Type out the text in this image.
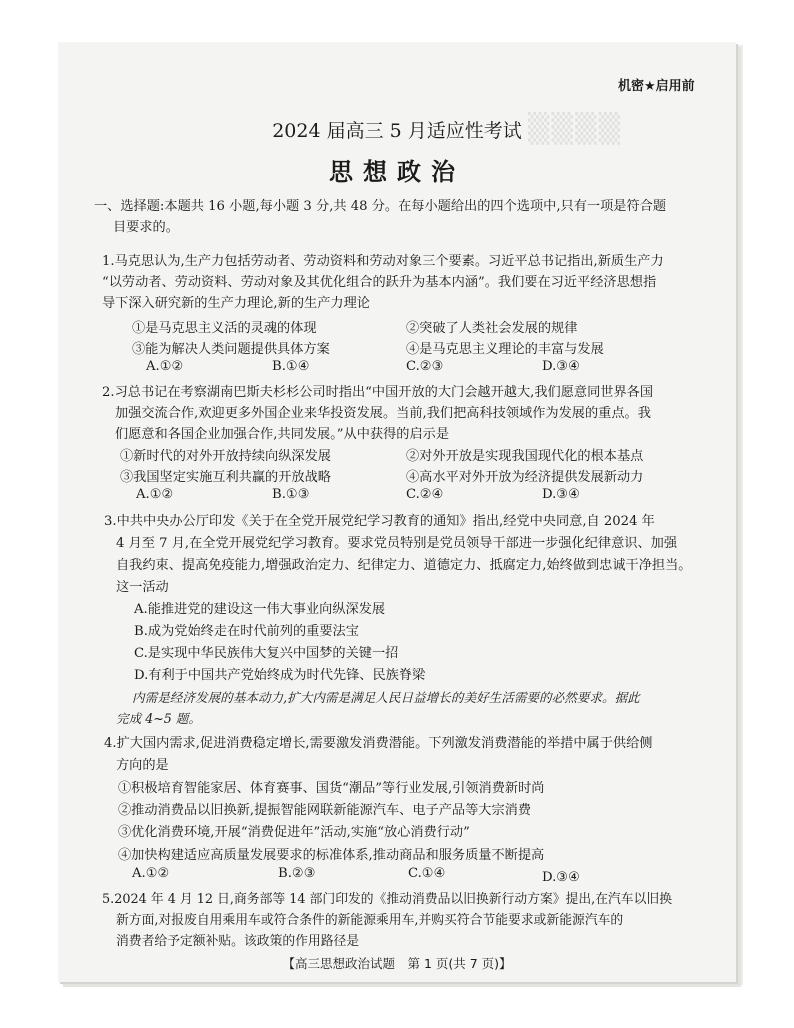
▒▒▒▒
机密★启用前
2024 届高三 5 月适应性考试
思想政治
一、选择题:本题共 16 小题,每小题 3 分,共 48 分。在每小题给出的四个选项中,只有一项是符合题
目要求的。
1.马克思认为,生产力包括劳动者、劳动资料和劳动对象三个要素。习近平总书记指出,新质生产力
“以劳动者、劳动资料、劳动对象及其优化组合的跃升为基本内涵”。我们要在习近平经济思想指
导下深入研究新的生产力理论,新的生产力理论
①是马克思主义活的灵魂的体现	②突破了人类社会发展的规律
③能为解决人类问题提供具体方案	④是马克思主义理论的丰富与发展
A.①②	B.①④	C.②③	D.③④
2.习总书记在考察湖南巴斯夫杉杉公司时指出“中国开放的大门会越开越大,我们愿意同世界各国
加强交流合作,欢迎更多外国企业来华投资发展。当前,我们把高科技领域作为发展的重点。我
们愿意和各国企业加强合作,共同发展。”从中获得的启示是
①新时代的对外开放持续向纵深发展	②对外开放是实现我国现代化的根本基点
③我国坚定实施互利共赢的开放战略	④高水平对外开放为经济提供发展新动力
A.①②	B.①③	C.②④	D.③④
3.中共中央办公厅印发《关于在全党开展党纪学习教育的通知》指出,经党中央同意,自 2024 年
4 月至 7 月,在全党开展党纪学习教育。要求党员特别是党员领导干部进一步强化纪律意识、加强
自我约束、提高免疫能力,增强政治定力、纪律定力、道德定力、抵腐定力,始终做到忠诚干净担当。
这一活动
A.能推进党的建设这一伟大事业向纵深发展
B.成为党始终走在时代前列的重要法宝
C.是实现中华民族伟大复兴中国梦的关键一招
D.有利于中国共产党始终成为时代先锋、民族脊梁
内需是经济发展的基本动力,扩大内需是满足人民日益增长的美好生活需要的必然要求。据此
完成 4~5 题。
4.扩大国内需求,促进消费稳定增长,需要激发消费潜能。下列激发消费潜能的举措中属于供给侧
方向的是
①积极培育智能家居、体育赛事、国货“潮品”等行业发展,引领消费新时尚
②推动消费品以旧换新,提振智能网联新能源汽车、电子产品等大宗消费
③优化消费环境,开展“消费促进年”活动,实施“放心消费行动”
④加快构建适应高质量发展要求的标准体系,推动商品和服务质量不断提高
A.①②	B.②③	C.①④	D.③④
5.2024 年 4 月 12 日,商务部等 14 部门印发的《推动消费品以旧换新行动方案》提出,在汽车以旧换
【高三思想政治试题　第 1 页(共 7 页)】
新方面,对报废自用乘用车或符合条件的新能源乘用车,并购买符合节能要求或新能源汽车的
消费者给予定额补贴。该政策的作用路径是
